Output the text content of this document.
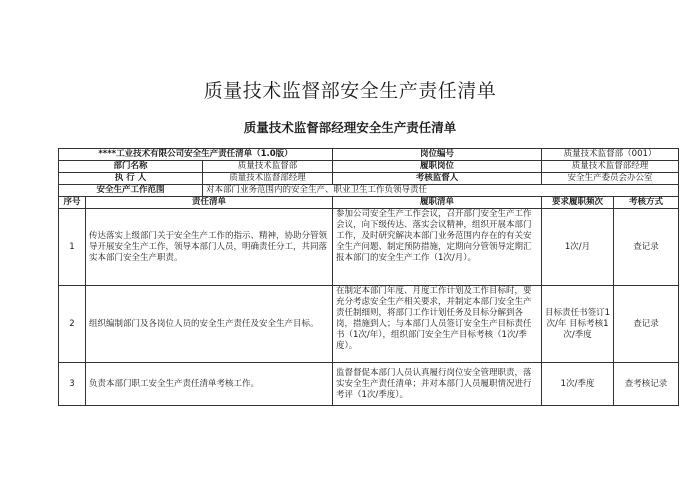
质量技术监督部安全生产责任清单
质量技术监督部经理安全生产责任清单
****工业技术有限公司安全生产责任清单（1.0版）			岗位编号	质量技术监督部（001）	
部门名称		质量技术监督部	履职岗位	质量技术监督部经理	
执 行 人		质量技术监督部经理	考核监督人	安全生产委员会办公室	
安全生产工作范围		对本部门业务范围内的安全生产、职业卫生工作负领导责任			
序号	责任清单		履职清单	要求履职频次	考核方式
1	传达落实上级部门关于安全生产工作的指示、精神，协助分管领导开展安全生产工作，领导本部门人员，明确责任分工，共同落实本部门安全生产职责。		参加公司安全生产工作会议，召开部门安全生产工作会议，向下级传达、落实会议精神，组织开展本部门工作，及时研究解决本部门业务范围内存在的有关安全生产问题、制定预防措施，定期向分管领导定期汇报本部门的安全生产工作（1次/月）。	1次/月	查记录
2	组织编制部门及各岗位人员的安全生产责任及安全生产目标。		在制定本部门年度、月度工作计划及工作目标时，要充分考虑安全生产相关要求，并制定本部门安全生产责任制细则，将部门工作计划任务及目标分解到各岗，措施到人；与本部门人员签订安全生产目标责任书（1次/年），组织部门安全生产目标考核（1次/季度）。	目标责任书签订1次/年 目标考核1次/季度	查记录
3	负责本部门职工安全生产责任清单考核工作。		监督督促本部门人员认真履行岗位安全管理职责，落实安全生产责任清单；并对本部门人员履职情况进行考评（1次/季度）。	1次/季度	查考核记录
